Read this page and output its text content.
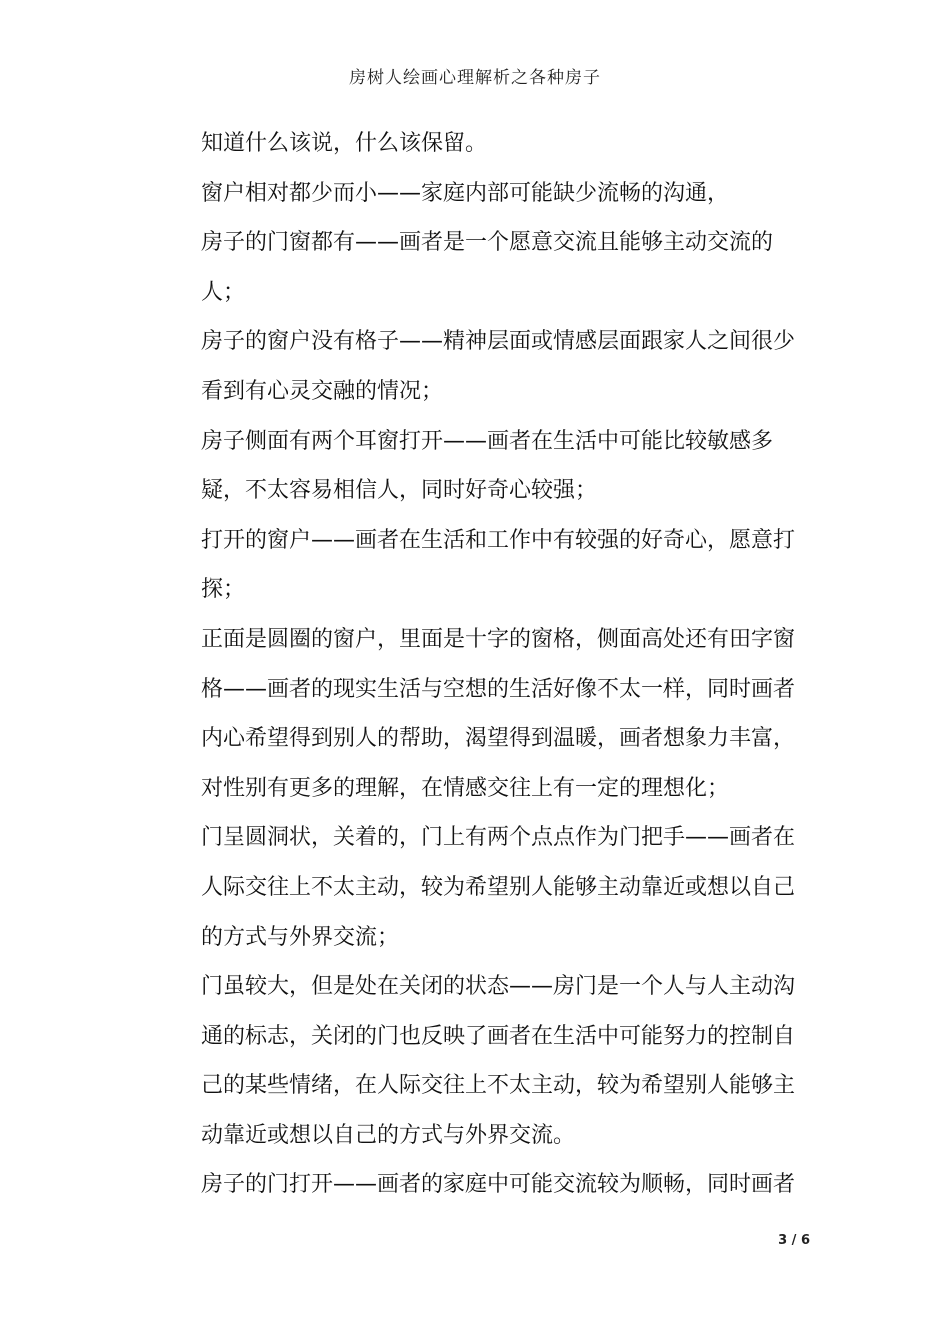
房树人绘画心理解析之各种房子
知道什么该说，什么该保留。
窗户相对都少而小——家庭内部可能缺少流畅的沟通，
房子的门窗都有——画者是一个愿意交流且能够主动交流的
人；
房子的窗户没有格子——精神层面或情感层面跟家人之间很少
看到有心灵交融的情况；
房子侧面有两个耳窗打开——画者在生活中可能比较敏感多
疑，不太容易相信人，同时好奇心较强；
打开的窗户——画者在生活和工作中有较强的好奇心，愿意打
探；
正面是圆圈的窗户，里面是十字的窗格，侧面高处还有田字窗
格——画者的现实生活与空想的生活好像不太一样，同时画者
内心希望得到别人的帮助，渴望得到温暖，画者想象力丰富，
对性别有更多的理解，在情感交往上有一定的理想化；
门呈圆洞状，关着的，门上有两个点点作为门把手——画者在
人际交往上不太主动，较为希望别人能够主动靠近或想以自己
的方式与外界交流；
门虽较大，但是处在关闭的状态——房门是一个人与人主动沟
通的标志，关闭的门也反映了画者在生活中可能努力的控制自
己的某些情绪，在人际交往上不太主动，较为希望别人能够主
动靠近或想以自己的方式与外界交流。
房子的门打开——画者的家庭中可能交流较为顺畅，同时画者
3 / 6
